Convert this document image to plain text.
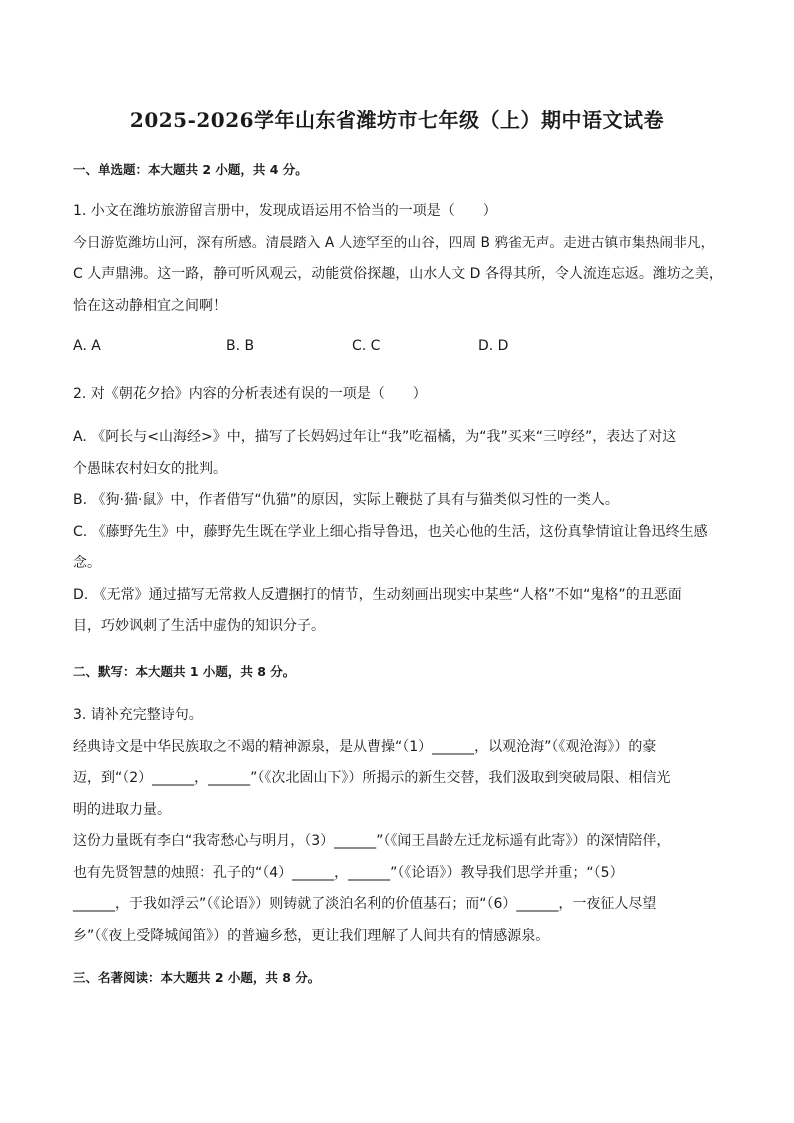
2025-2026学年山东省潍坊市七年级（上）期中语文试卷
一、单选题：本大题共 2 小题，共 4 分。
1. 小文在潍坊旅游留言册中，发现成语运用不恰当的一项是（　　）
今日游览潍坊山河，深有所感。清晨踏入 A 人迹罕至的山谷，四周 B 鸦雀无声。走进古镇市集热闹非凡，
C 人声鼎沸。这一路，静可听风观云，动能赏俗探趣，山水人文 D 各得其所，令人流连忘返。潍坊之美，
恰在这动静相宜之间啊！
A. A	B. B	C. C	D. D
2. 对《朝花夕拾》内容的分析表述有误的一项是（　　）
A. 《阿长与<山海经>》中，描写了长妈妈过年让“我”吃福橘，为“我”买来“三哼经”，表达了对这
个愚昧农村妇女的批判。
B. 《狗·猫·鼠》中，作者借写“仇猫”的原因，实际上鞭挞了具有与猫类似习性的一类人。
C. 《藤野先生》中，藤野先生既在学业上细心指导鲁迅，也关心他的生活，这份真挚情谊让鲁迅终生感
念。
D. 《无常》通过描写无常救人反遭捆打的情节，生动刻画出现实中某些“人格”不如“鬼格”的丑恶面
目，巧妙讽刺了生活中虚伪的知识分子。
二、默写：本大题共 1 小题，共 8 分。
3. 请补充完整诗句。
经典诗文是中华民族取之不竭的精神源泉，是从曹操“（1）______，以观沧海”（《观沧海》）的豪
迈，到“（2）______，______”（《次北固山下》）所揭示的新生交替，我们汲取到突破局限、相信光
明的进取力量。
这份力量既有李白“我寄愁心与明月，（3）______”（《闻王昌龄左迁龙标遥有此寄》）的深情陪伴，
也有先贤智慧的烛照：孔子的“（4）______，______”（《论语》）教导我们思学并重；“（5）
______，于我如浮云”（《论语》）则铸就了淡泊名利的价值基石；而“（6）______，一夜征人尽望
乡”（《夜上受降城闻笛》）的普遍乡愁，更让我们理解了人间共有的情感源泉。
三、名著阅读：本大题共 2 小题，共 8 分。
